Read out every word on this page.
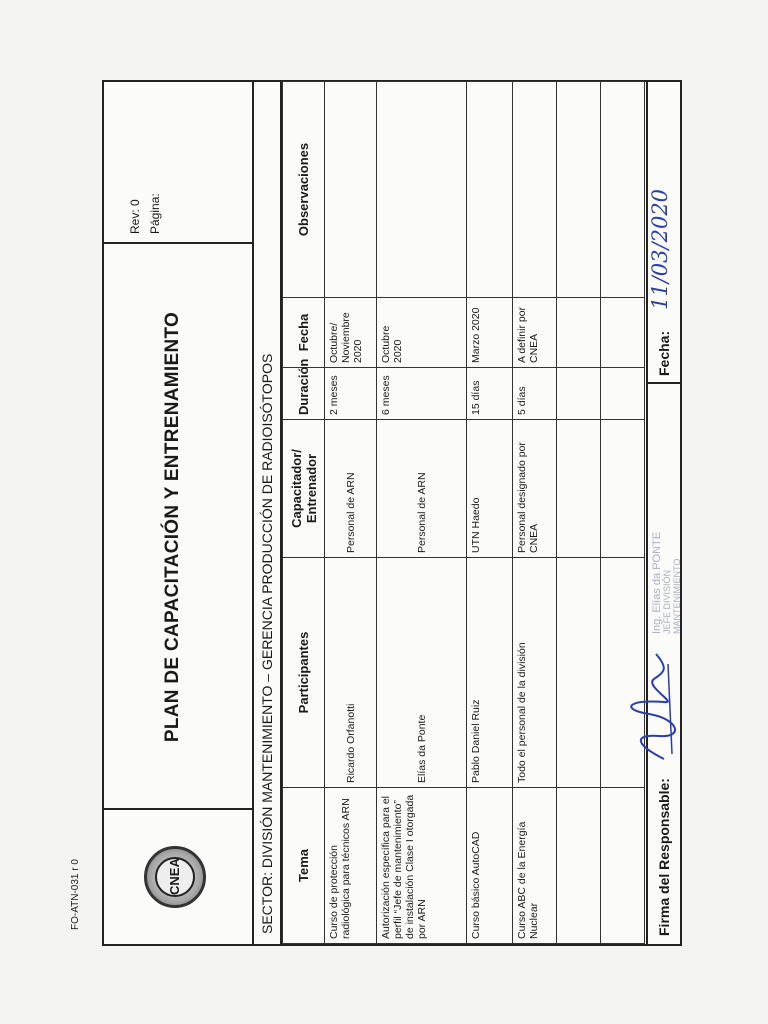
FO-ATN-031 r 0	CNEA
PLAN DE CAPACITACIÓN Y ENTRENAMIENTO
Rev: 0 Página:
SECTOR: DIVISIÓN MANTENIMIENTO – GERENCIA PRODUCCIÓN DE RADIOISÓTOPOS	Tema	Participantes	Capacitador/ Entrenador	Duración	Fecha	Observaciones
Curso de protección radiológica para técnicos ARN	Ricardo Orfanotti	Personal de ARN	2 meses	Octubre/ Noviembre 2020	
Autorización específica para el perfil “Jefe de mantenimiento” de instalación Clase I otorgada por ARN	Elías da Ponte	Personal de ARN	6 meses	Octubre 2020	
Curso básico AutoCAD	Pablo Daniel Ruiz	UTN Haedo	15 días	Marzo 2020	
Curso ABC de la Energía Nuclear	Todo el personal de la división	Personal designado por CNEA	5 días	A definir por CNEA	

Firma del Responsable:
Fecha:
11/03/2020
Ing. Elías da PONTE JEFE DIVISIÓN MANTENIMIENTO
